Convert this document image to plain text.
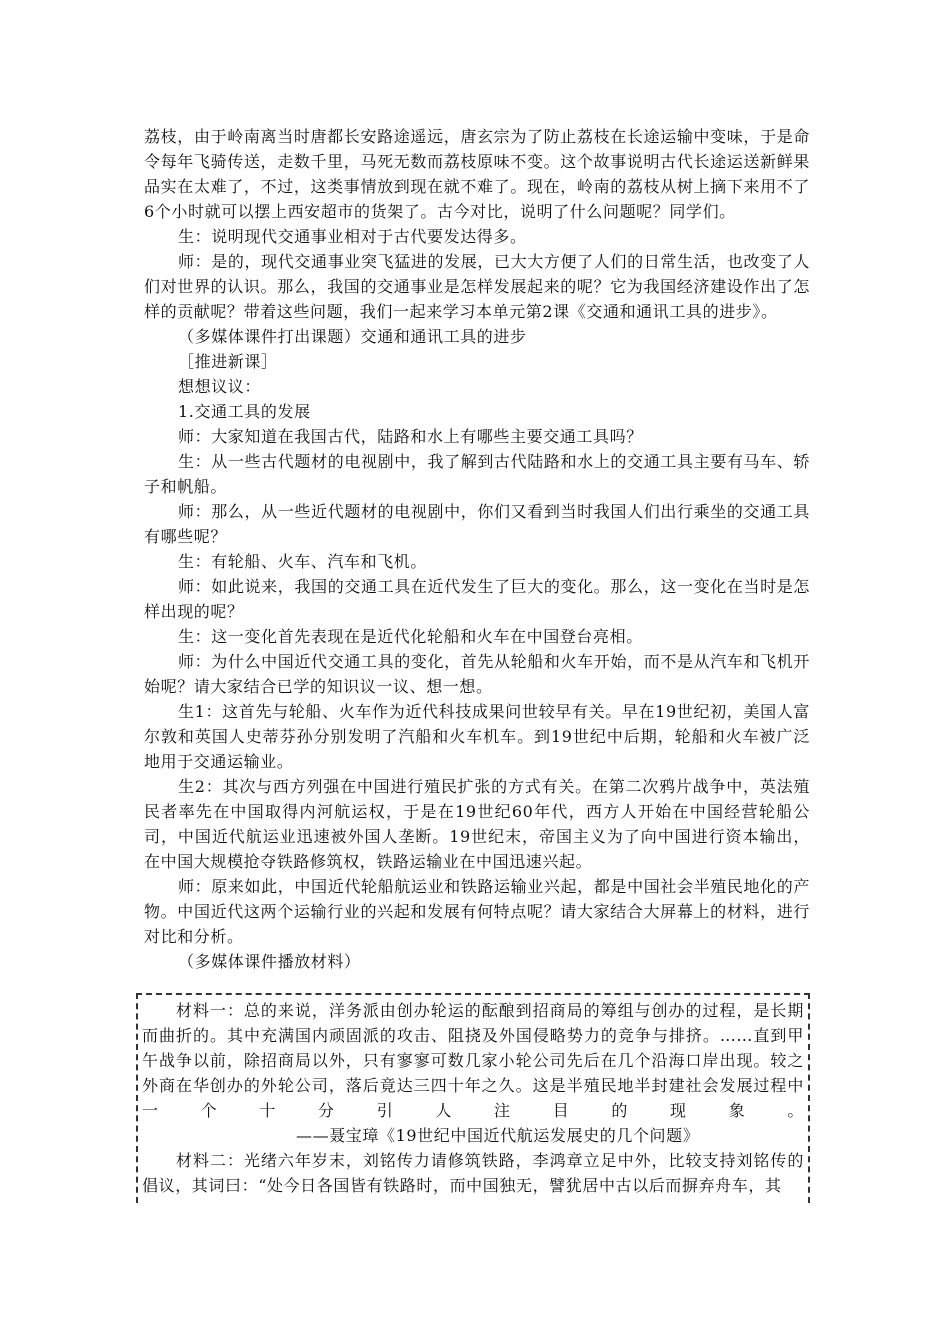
荔枝，由于岭南离当时唐都长安路途遥远，唐玄宗为了防止荔枝在长途运输中变味，于是命令每年飞骑传送，走数千里，马死无数而荔枝原味不变。这个故事说明古代长途运送新鲜果品实在太难了，不过，这类事情放到现在就不难了。现在，岭南的荔枝从树上摘下来用不了6个小时就可以摆上西安超市的货架了。古今对比，说明了什么问题呢？同学们。

生：说明现代交通事业相对于古代要发达得多。

师：是的，现代交通事业突飞猛进的发展，已大大方便了人们的日常生活，也改变了人们对世界的认识。那么，我国的交通事业是怎样发展起来的呢？它为我国经济建设作出了怎样的贡献呢？带着这些问题，我们一起来学习本单元第2课《交通和通讯工具的进步》。

（多媒体课件打出课题）交通和通讯工具的进步

［推进新课］

想想议议：

1.交通工具的发展

师：大家知道在我国古代，陆路和水上有哪些主要交通工具吗？

生：从一些古代题材的电视剧中，我了解到古代陆路和水上的交通工具主要有马车、轿子和帆船。

师：那么，从一些近代题材的电视剧中，你们又看到当时我国人们出行乘坐的交通工具有哪些呢？

生：有轮船、火车、汽车和飞机。

师：如此说来，我国的交通工具在近代发生了巨大的变化。那么，这一变化在当时是怎样出现的呢？

生：这一变化首先表现在是近代化轮船和火车在中国登台亮相。

师：为什么中国近代交通工具的变化，首先从轮船和火车开始，而不是从汽车和飞机开始呢？请大家结合已学的知识议一议、想一想。

生1：这首先与轮船、火车作为近代科技成果问世较早有关。早在19世纪初，美国人富尔敦和英国人史蒂芬孙分别发明了汽船和火车机车。到19世纪中后期，轮船和火车被广泛地用于交通运输业。

生2：其次与西方列强在中国进行殖民扩张的方式有关。在第二次鸦片战争中，英法殖民者率先在中国取得内河航运权，于是在19世纪60年代，西方人开始在中国经营轮船公司，中国近代航运业迅速被外国人垄断。19世纪末，帝国主义为了向中国进行资本输出，在中国大规模抢夺铁路修筑权，铁路运输业在中国迅速兴起。

师：原来如此，中国近代轮船航运业和铁路运输业兴起，都是中国社会半殖民地化的产物。中国近代这两个运输行业的兴起和发展有何特点呢？请大家结合大屏幕上的材料，进行对比和分析。

（多媒体课件播放材料）

材料一：总的来说，洋务派由创办轮运的酝酿到招商局的筹组与创办的过程，是长期而曲折的。其中充满国内顽固派的攻击、阻挠及外国侵略势力的竞争与排挤。……直到甲午战争以前，除招商局以外，只有寥寥可数几家小轮公司先后在几个沿海口岸出现。较之外商在华创办的外轮公司，落后竟达三四十年之久。这是半殖民地半封建社会发展过程中一个十分引人注目的现象。——聂宝璋《19世纪中国近代航运发展史的几个问题》

材料二：光绪六年岁末，刘铭传力请修筑铁路，李鸿章立足中外，比较支持刘铭传的倡议，其词曰：“处今日各国皆有铁路时，而中国独无，譬犹居中古以后而摒弃舟车，其
